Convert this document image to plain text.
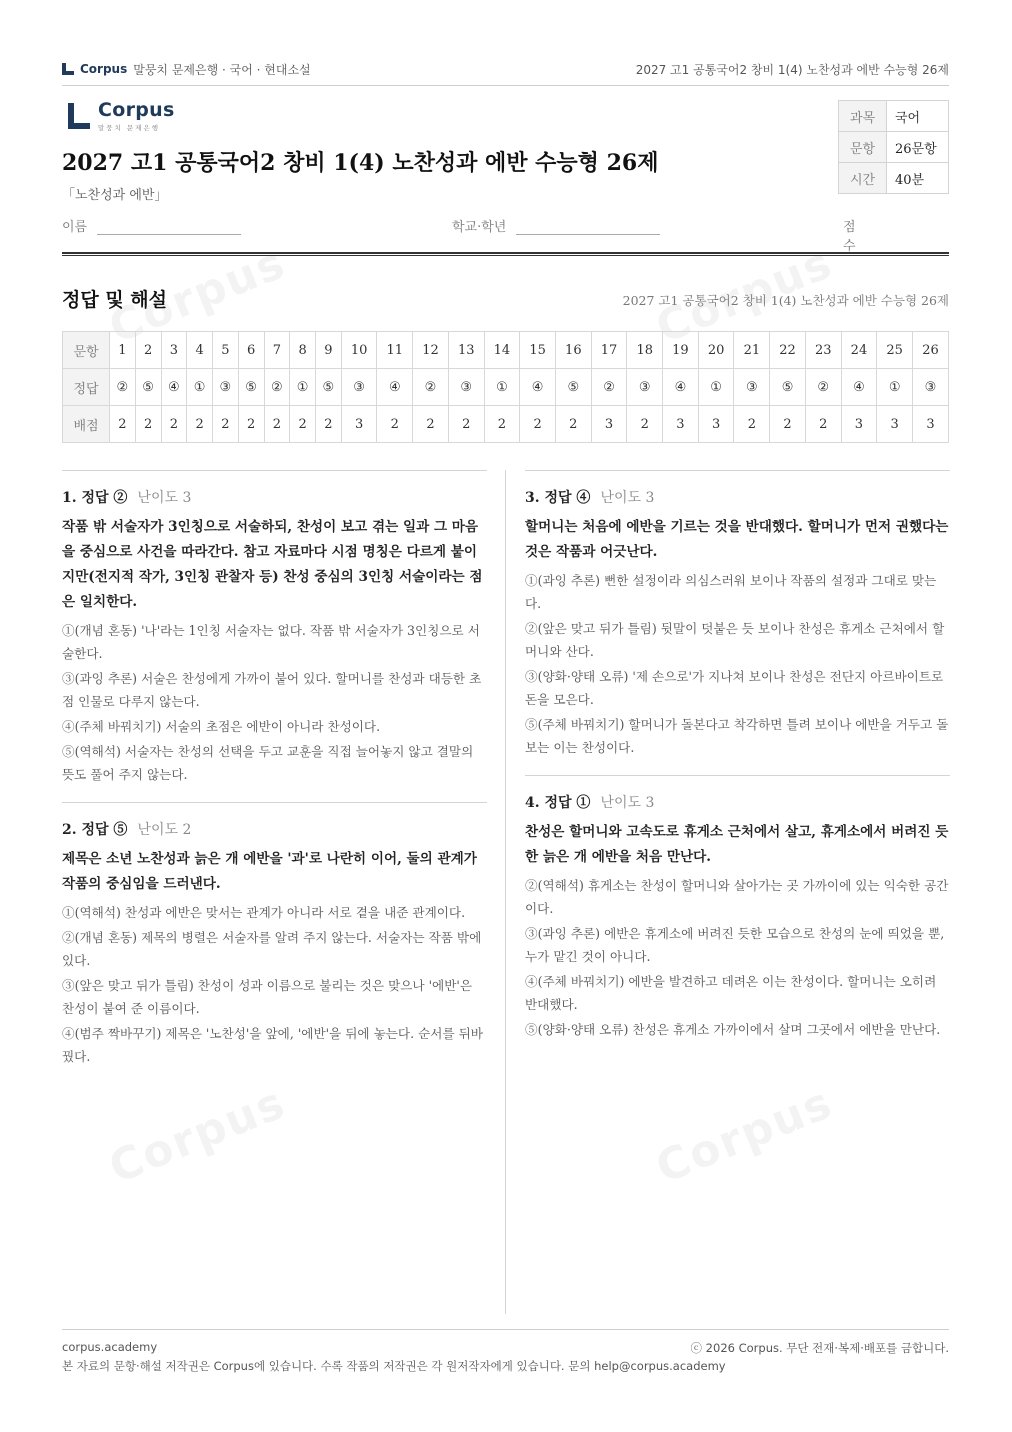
Corpus 말뭉치 문제은행 · 국어 · 현대소설	2027 고1 공통국어2 창비 1(4) 노찬성과 에반 수능형 26제
Corpus
말뭉치 문제은행
2027 고1 공통국어2 창비 1(4) 노찬성과 에반 수능형 26제
「노찬성과 에반」
과목	국어
문항	26문항
시간	40분
이름	학교·학년	점수
정답 및 해설	2027 고1 공통국어2 창비 1(4) 노찬성과 에반 수능형 26제
문항	1	2	3	4	5	6	7	8	9	10	11	12	13	14	15	16	17	18	19	20	21	22	23	24	25	26
정답	②	⑤	④	①	③	⑤	②	①	⑤	③	④	②	③	①	④	⑤	②	③	④	①	③	⑤	②	④	①	③
배점	2	2	2	2	2	2	2	2	2	3	2	2	2	2	2	2	3	2	3	3	2	2	2	3	3	3
1. 정답 ② 난이도 3
작품 밖 서술자가 3인칭으로 서술하되, 찬성이 보고 겪는 일과 그 마음을 중심으로 사건을 따라간다. 참고 자료마다 시점 명칭은 다르게 붙이지만(전지적 작가, 3인칭 관찰자 등) 찬성 중심의 3인칭 서술이라는 점은 일치한다.
①(개념 혼동) '나'라는 1인칭 서술자는 없다. 작품 밖 서술자가 3인칭으로 서술한다.
③(과잉 추론) 서술은 찬성에게 가까이 붙어 있다. 할머니를 찬성과 대등한 초점 인물로 다루지 않는다.
④(주체 바꿔치기) 서술의 초점은 에반이 아니라 찬성이다.
⑤(역해석) 서술자는 찬성의 선택을 두고 교훈을 직접 늘어놓지 않고 결말의 뜻도 풀어 주지 않는다.
2. 정답 ⑤ 난이도 2
제목은 소년 노찬성과 늙은 개 에반을 '과'로 나란히 이어, 둘의 관계가 작품의 중심임을 드러낸다.
①(역해석) 찬성과 에반은 맞서는 관계가 아니라 서로 곁을 내준 관계이다.
②(개념 혼동) 제목의 병렬은 서술자를 알려 주지 않는다. 서술자는 작품 밖에 있다.
③(앞은 맞고 뒤가 틀림) 찬성이 성과 이름으로 불리는 것은 맞으나 '에반'은 찬성이 붙여 준 이름이다.
④(범주 짝바꾸기) 제목은 '노찬성'을 앞에, '에반'을 뒤에 놓는다. 순서를 뒤바꿨다.
3. 정답 ④ 난이도 3
할머니는 처음에 에반을 기르는 것을 반대했다. 할머니가 먼저 권했다는 것은 작품과 어긋난다.
①(과잉 추론) 뻔한 설정이라 의심스러워 보이나 작품의 설정과 그대로 맞는다.
②(앞은 맞고 뒤가 틀림) 뒷말이 덧붙은 듯 보이나 찬성은 휴게소 근처에서 할머니와 산다.
③(양화·양태 오류) '제 손으로'가 지나쳐 보이나 찬성은 전단지 아르바이트로 돈을 모은다.
⑤(주체 바꿔치기) 할머니가 돌본다고 착각하면 틀려 보이나 에반을 거두고 돌보는 이는 찬성이다.
4. 정답 ① 난이도 3
찬성은 할머니와 고속도로 휴게소 근처에서 살고, 휴게소에서 버려진 듯한 늙은 개 에반을 처음 만난다.
②(역해석) 휴게소는 찬성이 할머니와 살아가는 곳 가까이에 있는 익숙한 공간이다.
③(과잉 추론) 에반은 휴게소에 버려진 듯한 모습으로 찬성의 눈에 띄었을 뿐, 누가 맡긴 것이 아니다.
④(주체 바꿔치기) 에반을 발견하고 데려온 이는 찬성이다. 할머니는 오히려 반대했다.
⑤(양화·양태 오류) 찬성은 휴게소 가까이에서 살며 그곳에서 에반을 만난다.
corpus.academy	ⓒ 2026 Corpus. 무단 전재·복제·배포를 금합니다.
본 자료의 문항·해설 저작권은 Corpus에 있습니다. 수록 작품의 저작권은 각 원저작자에게 있습니다. 문의 help@corpus.academy
